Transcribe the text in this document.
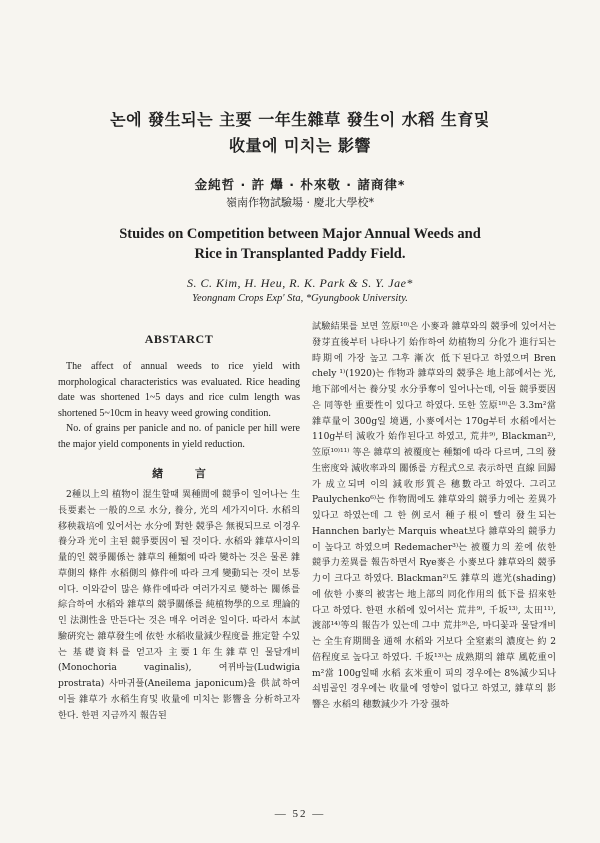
논에 發生되는 主要 一年生雜草 發生이 水稻 生育및
收量에 미치는 影響
金純哲 · 許 爗 · 朴來敬 · 諸商律*
嶺南作物試驗場 · 慶北大學校*
Stuides on Competition between Major Annual Weeds and
Rice in Transplanted Paddy Field.
S. C. Kim, H. Heu, R. K. Park & S. Y. Jae*
Yeongnam Crops Exp' Sta, *Gyungbook University.
ABSTARCT

The affect of annual weeds to rice yield with morphological characteristics was evaluated. Rice heading date was shortened 1~5 days and rice culm length was shortened 5~10cm in heavy weed growing condition.

No. of grains per panicle and no. of panicle per hill were the major yield components in yield reduction.

緖 言

2種以上의 植物이 混生할때 異種間에 競爭이 일어나는 生長要素는 一般的으로 水分, 養分, 光의 세가지이다. 水稻의 移秧栽培에 있어서는 水分에 對한 競爭은 無視되므로 이경우 養分과 光이 主된 競爭要因이 될 것이다. 水稻와 雜草사이의 量的인 競爭關係는 雜草의 種類에 따라 變하는 것은 물론 雜草側의 條件 水稻側의 條件에 따라 크게 變動되는 것이 보통이다. 이와같이 많은 條件에따라 여러가지로 變하는 關係를 綜合하여 水稻와 雜草의 競爭關係를 純植物學的으로 理論的인 法測性을 만든다는 것은 매우 어려운 일이다. 따라서 本試驗硏究는 雜草發生에 依한 水稻收量減少程度를 推定할 수있는 基礎資料를 얻고자 主要1年生雜草인 물달개비(Monochoria vaginalis), 여뀌바늘(Ludwigia prostrata) 사마귀풀(Aneilema japonicum)을 供試하여 이들 雜草가 水稻生育및 收量에 미치는 影響을 分析하고자 한다. 한편 지금까지 報告된

試驗結果를 보면 笠原¹⁰⁾은 小麥과 雜草와의 競爭에 있어서는 發芽直後부터 나타나기 始作하여 幼植物의 分化가 進行되는 時期에 가장 높고 그후 漸次 低下된다고 하였으며 Bren chely ¹⁾(1920)는 作物과 雜草와의 競爭은 地上部에서는 光, 地下部에서는 養分및 水分爭奪이 일어나는데, 이들 競爭要因은 同等한 重要性이 있다고 하였다. 또한 笠原¹⁰⁾은 3.3m²當 雜草量이 300g일 境遇, 小麥에서는 170g부터 水稻에서는 110g부터 減收가 始作된다고 하였고, 荒井⁹⁾, Blackman²⁾, 笠原¹⁰⁾¹¹⁾ 等은 雜草의 被覆度는 種類에 따라 다르며, 그의 發生密度와 減收率과의 關係를 方程式으로 表示하면 直線 回歸가 成立되며 이의 減收形質은 穗數라고 하였다. 그리고 Paulychenko⁶⁾는 作物間에도 雜草와의 競爭力에는 差異가 있다고 하였는데 그 한 例로서 種子根이 빨리 發生되는 Hannchen barly는 Marquis wheat보다 雜草와의 競爭力이 높다고 하였으며 Redemacher³⁾는 被覆力의 差에 依한 競爭力差異를 報告하면서 Rye麥은 小麥보다 雜草와의 競爭力이 크다고 하였다. Blackman²⁾도 雜草의 遮光(shading)에 依한 小麥의 被害는 地上部의 同化作用의 低下를 招來한다고 하였다. 한편 水稻에 있어서는 荒井⁹⁾, 千坂¹³⁾, 太田¹¹⁾, 渡部¹⁴⁾等의 報告가 있는데 그中 荒井⁹⁾은, 마디꽃과 물달개비는 全生育期間을 通해 水稻와 거보다 全窒素의 濃度는 約 2倍程度로 높다고 하였다. 千坂¹³⁾는 成熟期의 雜草 風乾重이 m²當 100g일때 水稻 玄米重이 피의 경우에는 8%減少되나 쇠빔골인 경우에는 收量에 영향이 없다고 하였고, 雜草의 影響은 水稻의 穗數減少가 가장 强하

— 52 —
